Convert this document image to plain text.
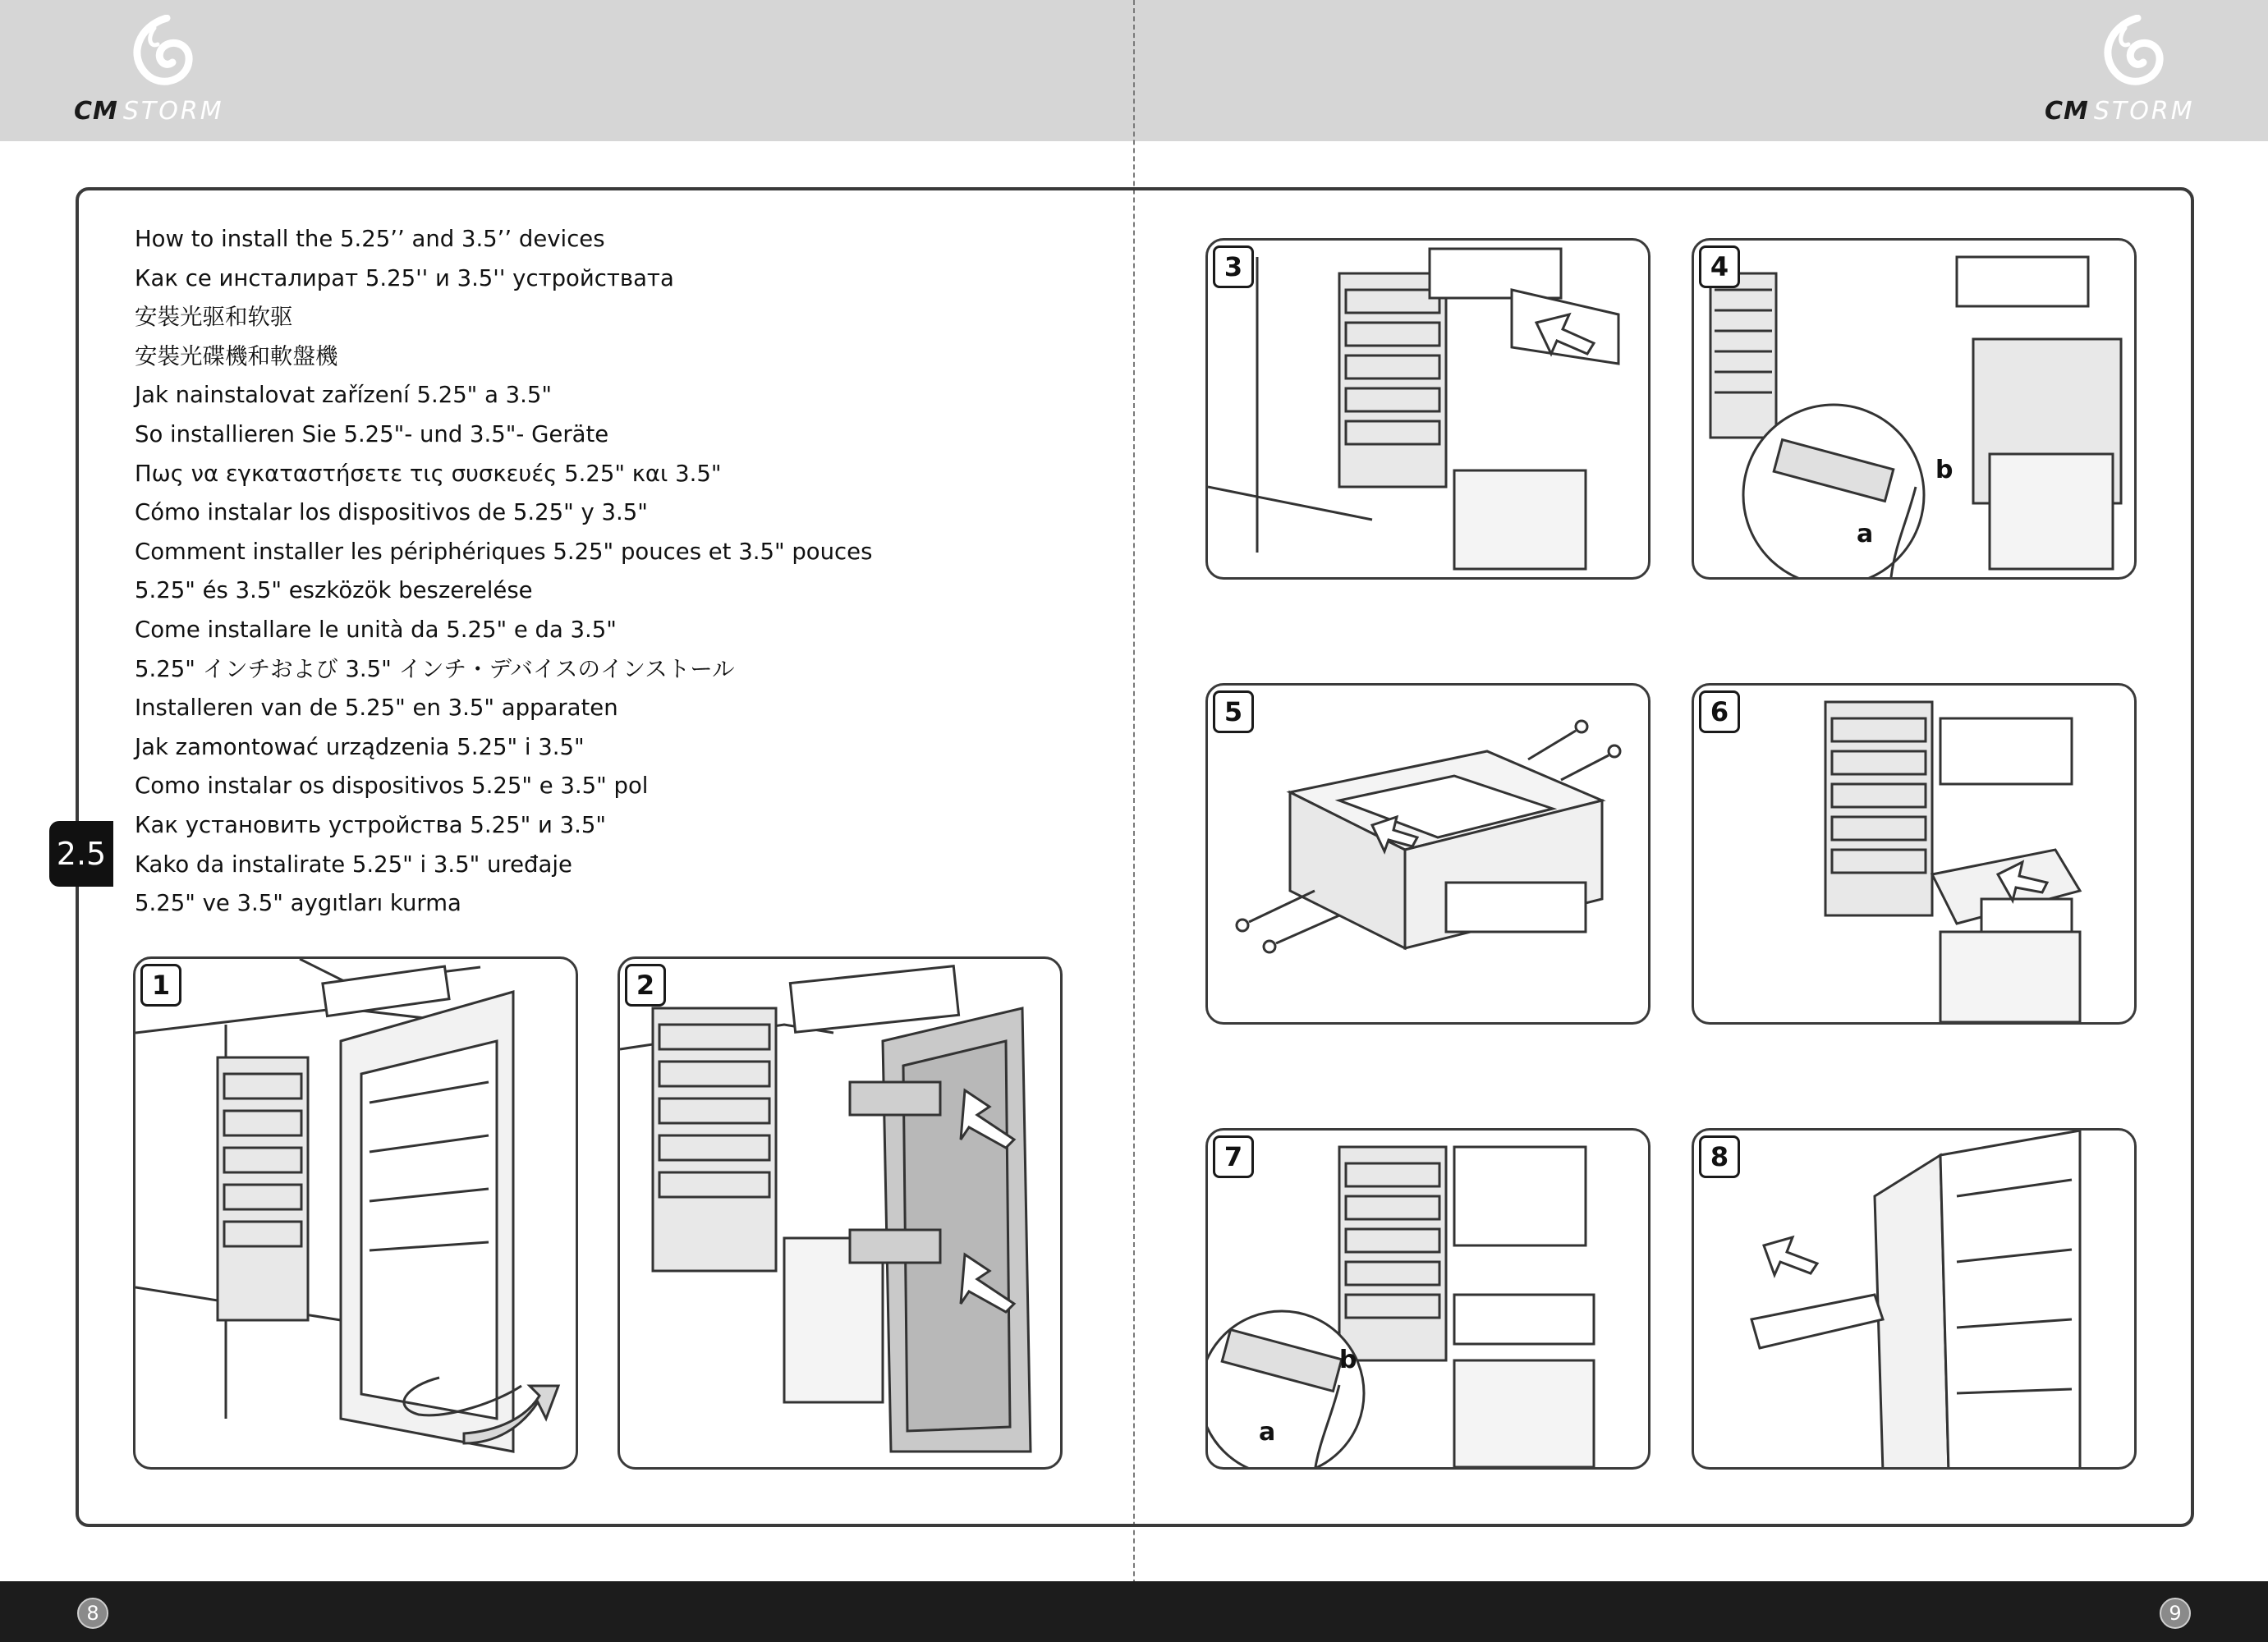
CM STORM	CM STORM
2.5
How to install the 5.25’’ and 3.5’’ devices
Как се инсталират 5.25'' и 3.5'' устройствата
安裝光驱和软驱
安裝光碟機和軟盤機
Jak nainstalovat zařízení 5.25" a 3.5"
So installieren Sie 5.25"- und 3.5"- Geräte
Πως να εγκαταστήσετε τις συσκευές 5.25" και 3.5"
Cómo instalar los dispositivos de 5.25" y 3.5"
Comment installer les périphériques 5.25" pouces et 3.5" pouces
5.25" és 3.5" eszközök beszerelése
Come installare le unità da 5.25" e da 3.5"
5.25" インチおよび 3.5" インチ・デバイスのインストール
Installeren van de 5.25" en 3.5" apparaten
Jak zamontować urządzenia 5.25" i 3.5"
Como instalar os dispositivos 5.25" e 3.5" pol
Как установить устройства 5.25" и 3.5"
Kako da instalirate 5.25" i 3.5" uređaje
5.25" ve 3.5" aygıtları kurma
1	2
3	4
a
b
5	6
7
a
b
8
8	9
